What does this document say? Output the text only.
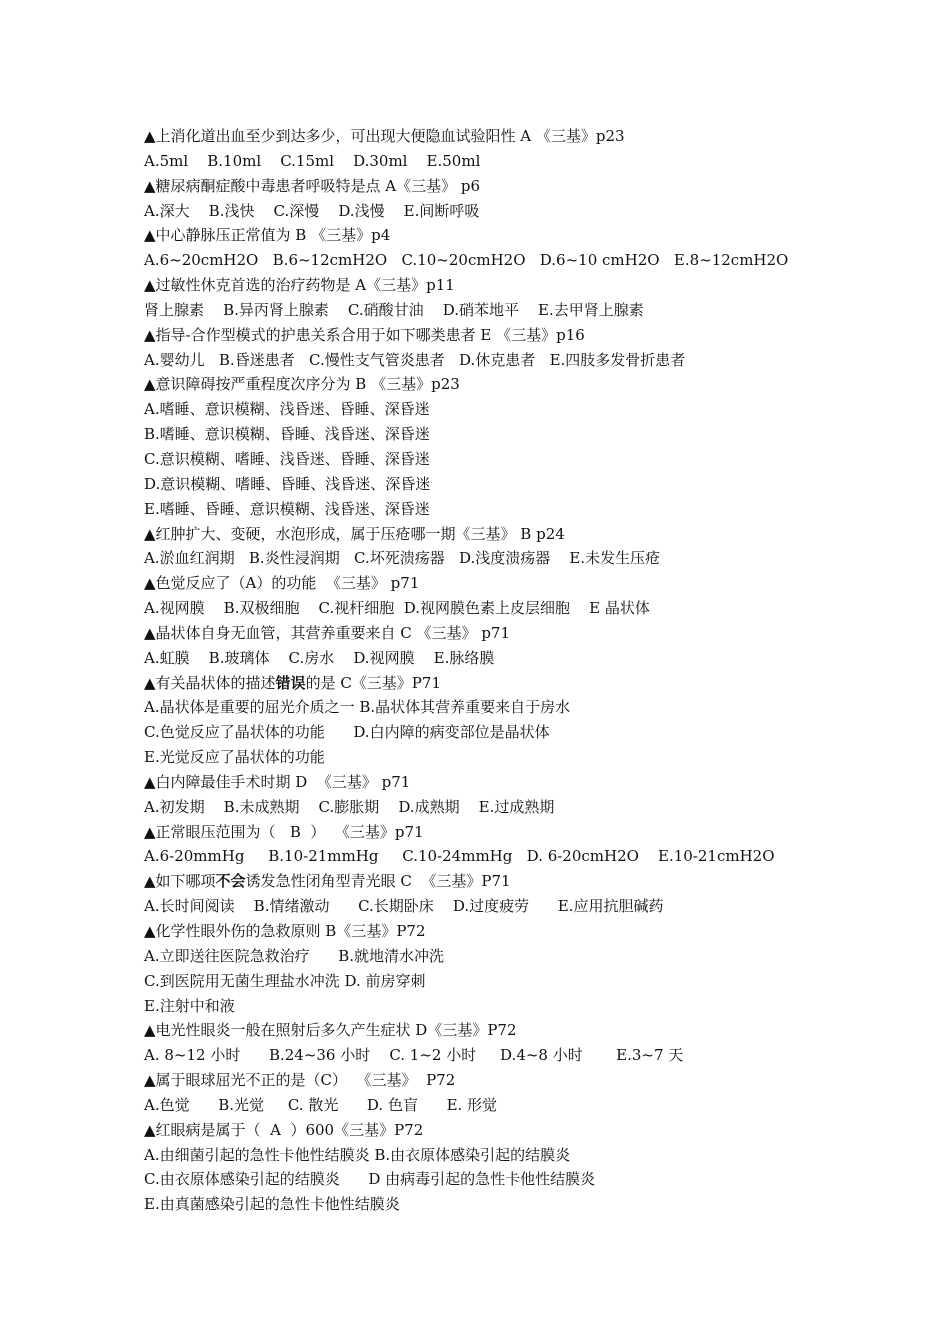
▲上消化道出血至少到达多少，可出现大便隐血试验阳性 A 《三基》p23
A.5ml    B.10ml    C.15ml    D.30ml    E.50ml
▲糖尿病酮症酸中毒患者呼吸特是点 A《三基》 p6
A.深大    B.浅快    C.深慢    D.浅慢    E.间断呼吸
▲中心静脉压正常值为 B 《三基》p4
A.6~20cmH2O   B.6~12cmH2O   C.10~20cmH2O   D.6~10 cmH2O   E.8~12cmH2O
▲过敏性休克首选的治疗药物是 A《三基》p11
肾上腺素    B.异丙肾上腺素    C.硝酸甘油    D.硝苯地平    E.去甲肾上腺素
▲指导-合作型模式的护患关系合用于如下哪类患者 E 《三基》p16
A.婴幼儿   B.昏迷患者   C.慢性支气管炎患者   D.休克患者   E.四肢多发骨折患者
▲意识障碍按严重程度次序分为 B 《三基》p23
A.嗜睡、意识模糊、浅昏迷、昏睡、深昏迷
B.嗜睡、意识模糊、昏睡、浅昏迷、深昏迷
C.意识模糊、嗜睡、浅昏迷、昏睡、深昏迷
D.意识模糊、嗜睡、昏睡、浅昏迷、深昏迷
E.嗜睡、昏睡、意识模糊、浅昏迷、深昏迷
▲红肿扩大、变硬，水泡形成，属于压疮哪一期《三基》 B p24
A.淤血红润期   B.炎性浸润期   C.坏死溃疡器   D.浅度溃疡器    E.未发生压疮
▲色觉反应了（A）的功能  《三基》 p71
A.视网膜    B.双极细胞    C.视杆细胞  D.视网膜色素上皮层细胞    E 晶状体
▲晶状体自身无血管，其营养重要来自 C 《三基》 p71
A.虹膜    B.玻璃体    C.房水    D.视网膜    E.脉络膜
▲有关晶状体的描述错误的是 C《三基》P71
A.晶状体是重要的屈光介质之一 B.晶状体其营养重要来自于房水
C.色觉反应了晶状体的功能      D.白内障的病变部位是晶状体
E.光觉反应了晶状体的功能
▲白内障最佳手术时期 D  《三基》 p71
A.初发期    B.未成熟期    C.膨胀期    D.成熟期    E.过成熟期
▲正常眼压范围为（   B  ）  《三基》p71
A.6-20mmHg     B.10-21mmHg     C.10-24mmHg   D. 6-20cmH2O    E.10-21cmH2O
▲如下哪项不会诱发急性闭角型青光眼 C  《三基》P71
A.长时间阅读    B.情绪激动      C.长期卧床    D.过度疲劳      E.应用抗胆碱药
▲化学性眼外伤的急救原则 B《三基》P72
A.立即送往医院急救治疗      B.就地清水冲洗
C.到医院用无菌生理盐水冲洗 D. 前房穿刺
E.注射中和液
▲电光性眼炎一般在照射后多久产生症状 D《三基》P72
A. 8~12 小时      B.24~36 小时    C. 1~2 小时     D.4~8 小时       E.3~7 天
▲属于眼球屈光不正的是（C）  《三基》  P72
A.色觉      B.光觉     C. 散光      D. 色盲      E. 形觉
▲红眼病是属于（  A  ）600《三基》P72
A.由细菌引起的急性卡他性结膜炎 B.由衣原体感染引起的结膜炎
C.由衣原体感染引起的结膜炎      D 由病毒引起的急性卡他性结膜炎
E.由真菌感染引起的急性卡他性结膜炎
